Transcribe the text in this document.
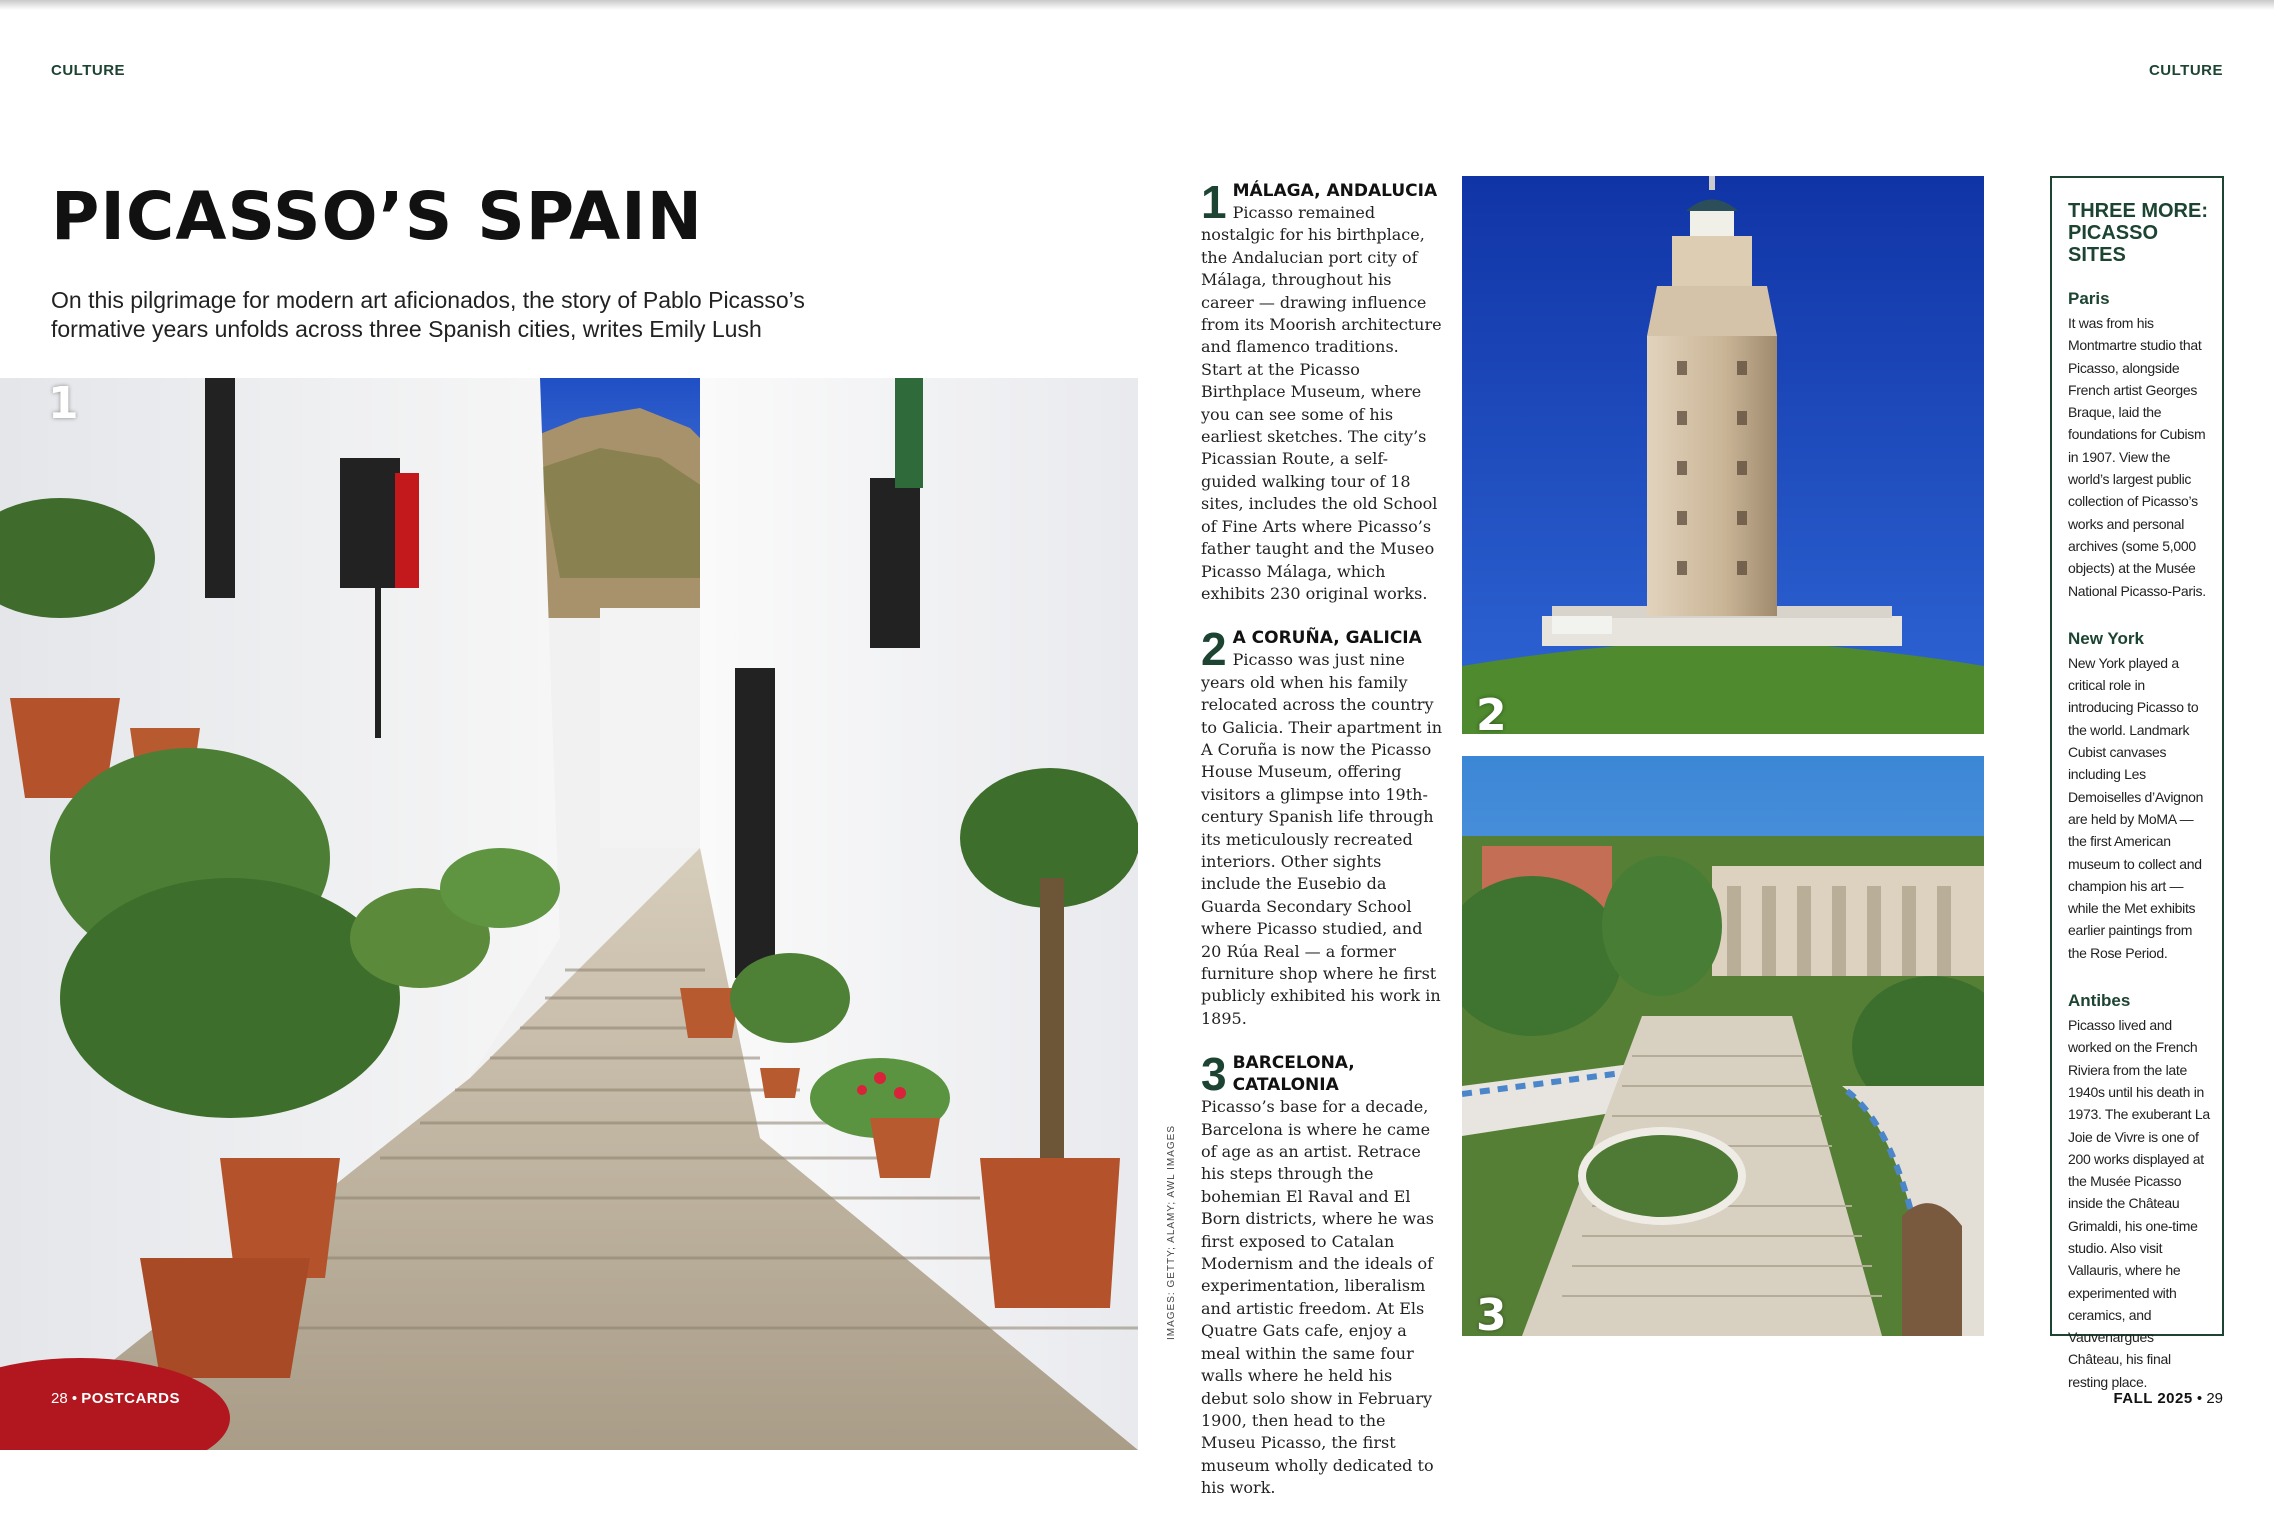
CULTURE	CULTURE
PICASSO’S SPAIN

On this pilgrimage for modern art aficionados, the story of Pablo Picasso’s formative years unfolds across three Spanish cities, writes Emily Lush

1
IMAGES: GETTY; ALAMY; AWL IMAGES
1 MÁLAGA, ANDALUCIA
Picasso remained nostalgic for his birthplace, the Andalucian port city of Málaga, throughout his career — drawing influence from its Moorish architecture and flamenco traditions. Start at the Picasso Birthplace Museum, where you can see some of his earliest sketches. The city’s Picassian Route, a self-guided walking tour of 18 sites, includes the old School of Fine Arts where Picasso’s father taught and the Museo Picasso Málaga, which exhibits 230 original works.
2 A CORUÑA, GALICIA
Picasso was just nine years old when his family relocated across the country to Galicia. Their apartment in A Coruña is now the Picasso House Museum, offering visitors a glimpse into 19th-century Spanish life through its meticulously recreated interiors. Other sights include the Eusebio da Guarda Secondary School where Picasso studied, and 20 Rúa Real — a former furniture shop where he first publicly exhibited his work in 1895.
3 BARCELONA, CATALONIA
Picasso’s base for a decade, Barcelona is where he came of age as an artist. Retrace his steps through the bohemian El Raval and El Born districts, where he was first exposed to Catalan Modernism and the ideals of experimentation, liberalism and artistic freedom. At Els Quatre Gats cafe, enjoy a meal within the same four walls where he held his debut solo show in February 1900, then head to the Museu Picasso, the first museum wholly dedicated to his work.
2
3

THREE MORE: PICASSO SITES

Paris
It was from his Montmartre studio that Picasso, alongside French artist Georges Braque, laid the foundations for Cubism in 1907. View the world’s largest public collection of Picasso’s works and personal archives (some 5,000 objects) at the Musée National Picasso-Paris.
New York
New York played a critical role in introducing Picasso to the world. Landmark Cubist canvases including Les Demoiselles d’Avignon are held by MoMA — the first American museum to collect and champion his art — while the Met exhibits earlier paintings from the Rose Period.
Antibes
Picasso lived and worked on the French Riviera from the late 1940s until his death in 1973. The exuberant La Joie de Vivre is one of 200 works displayed at the Musée Picasso inside the Château Grimaldi, his one-time studio. Also visit Vallauris, where he experimented with ceramics, and Vauvenargues Château, his final resting place.
28 • POSTCARDS	FALL 2025 • 29
